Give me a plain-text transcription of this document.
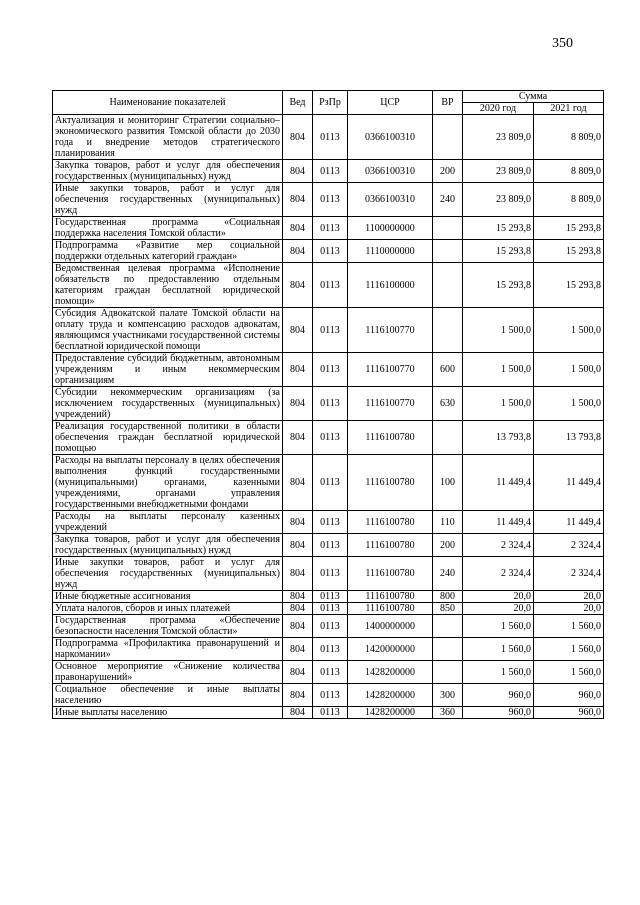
350
Наименование показателей	Вед	РзПр	ЦСР	ВР	Сумма	
					2020 год	2021 год
Актуализация и мониторинг Стратегии социально–экономического развития Томской области до 2030 года и внедрение методов стратегического планирования	804	0113	0366100310		23 809,0	8 809,0
Закупка товаров, работ и услуг для обеспечения государственных (муниципальных) нужд	804	0113	0366100310	200	23 809,0	8 809,0
Иные закупки товаров, работ и услуг для обеспечения государственных (муниципальных) нужд	804	0113	0366100310	240	23 809,0	8 809,0
Государственная программа «Социальная поддержка населения Томской области»	804	0113	1100000000		15 293,8	15 293,8
Подпрограмма «Развитие мер социальной поддержки отдельных категорий граждан»	804	0113	1110000000		15 293,8	15 293,8
Ведомственная целевая программа «Исполнение обязательств по предоставлению отдельным категориям граждан бесплатной юридической помощи»	804	0113	1116100000		15 293,8	15 293,8
Субсидия Адвокатской палате Томской области на оплату труда и компенсацию расходов адвокатам, являющимся участниками государственной системы бесплатной юридической помощи	804	0113	1116100770		1 500,0	1 500,0
Предоставление субсидий бюджетным, автономным учреждениям и иным некоммерческим организациям	804	0113	1116100770	600	1 500,0	1 500,0
Субсидии некоммерческим организациям (за исключением государственных (муниципальных) учреждений)	804	0113	1116100770	630	1 500,0	1 500,0
Реализация государственной политики в области обеспечения граждан бесплатной юридической помощью	804	0113	1116100780		13 793,8	13 793,8
Расходы на выплаты персоналу в целях обеспечения выполнения функций государственными (муниципальными) органами, казенными учреждениями, органами управления государственными внебюджетными фондами	804	0113	1116100780	100	11 449,4	11 449,4
Расходы на выплаты персоналу казенных учреждений	804	0113	1116100780	110	11 449,4	11 449,4
Закупка товаров, работ и услуг для обеспечения государственных (муниципальных) нужд	804	0113	1116100780	200	2 324,4	2 324,4
Иные закупки товаров, работ и услуг для обеспечения государственных (муниципальных) нужд	804	0113	1116100780	240	2 324,4	2 324,4
Иные бюджетные ассигнования	804	0113	1116100780	800	20,0	20,0
Уплата налогов, сборов и иных платежей	804	0113	1116100780	850	20,0	20,0
Государственная программа «Обеспечение безопасности населения Томской области»	804	0113	1400000000		1 560,0	1 560,0
Подпрограмма «Профилактика правонарушений и наркомании»	804	0113	1420000000		1 560,0	1 560,0
Основное мероприятие «Снижение количества правонарушений»	804	0113	1428200000		1 560,0	1 560,0
Социальное обеспечение и иные выплаты населению	804	0113	1428200000	300	960,0	960,0
Иные выплаты населению	804	0113	1428200000	360	960,0	960,0
